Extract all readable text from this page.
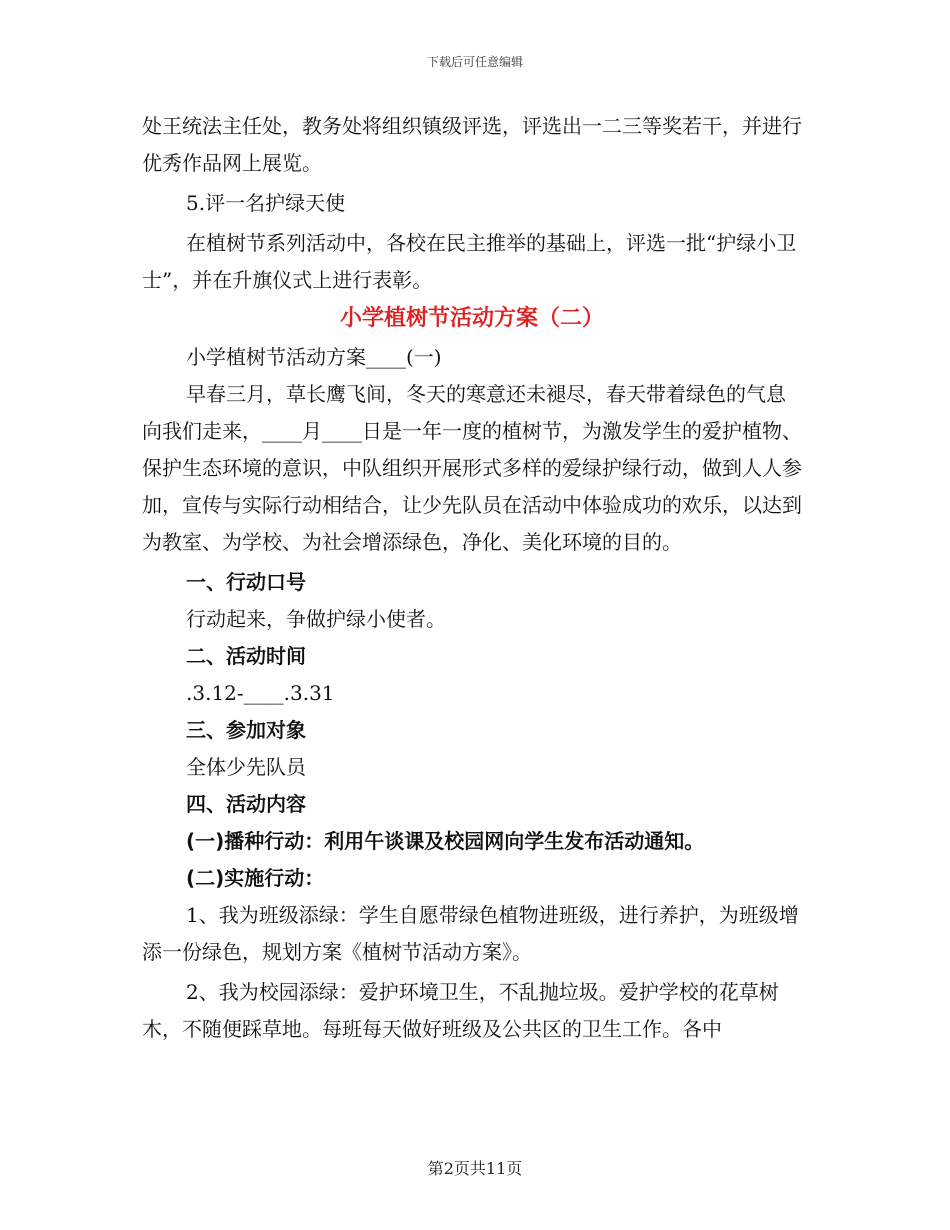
下载后可任意编辑

处王统法主任处，教务处将组织镇级评选，评选出一二三等奖若干，并进行优秀作品网上展览。

5.评一名护绿天使

在植树节系列活动中，各校在民主推举的基础上，评选一批“护绿小卫士”，并在升旗仪式上进行表彰。

小学植树节活动方案（二）

小学植树节活动方案____(一)

早春三月，草长鹰飞间，冬天的寒意还未褪尽，春天带着绿色的气息向我们走来，____月____日是一年一度的植树节，为激发学生的爱护植物、保护生态环境的意识，中队组织开展形式多样的爱绿护绿行动，做到人人参加，宣传与实际行动相结合，让少先队员在活动中体验成功的欢乐，以达到为教室、为学校、为社会增添绿色，净化、美化环境的目的。

一、行动口号

行动起来，争做护绿小使者。

二、活动时间

.3.12-____.3.31

三、参加对象

全体少先队员

四、活动内容

(一)播种行动：利用午谈课及校园网向学生发布活动通知。

(二)实施行动：

1、我为班级添绿：学生自愿带绿色植物进班级，进行养护，为班级增添一份绿色，规划方案《植树节活动方案》。

2、我为校园添绿：爱护环境卫生，不乱抛垃圾。爱护学校的花草树木，不随便踩草地。每班每天做好班级及公共区的卫生工作。各中

第2页共11页
